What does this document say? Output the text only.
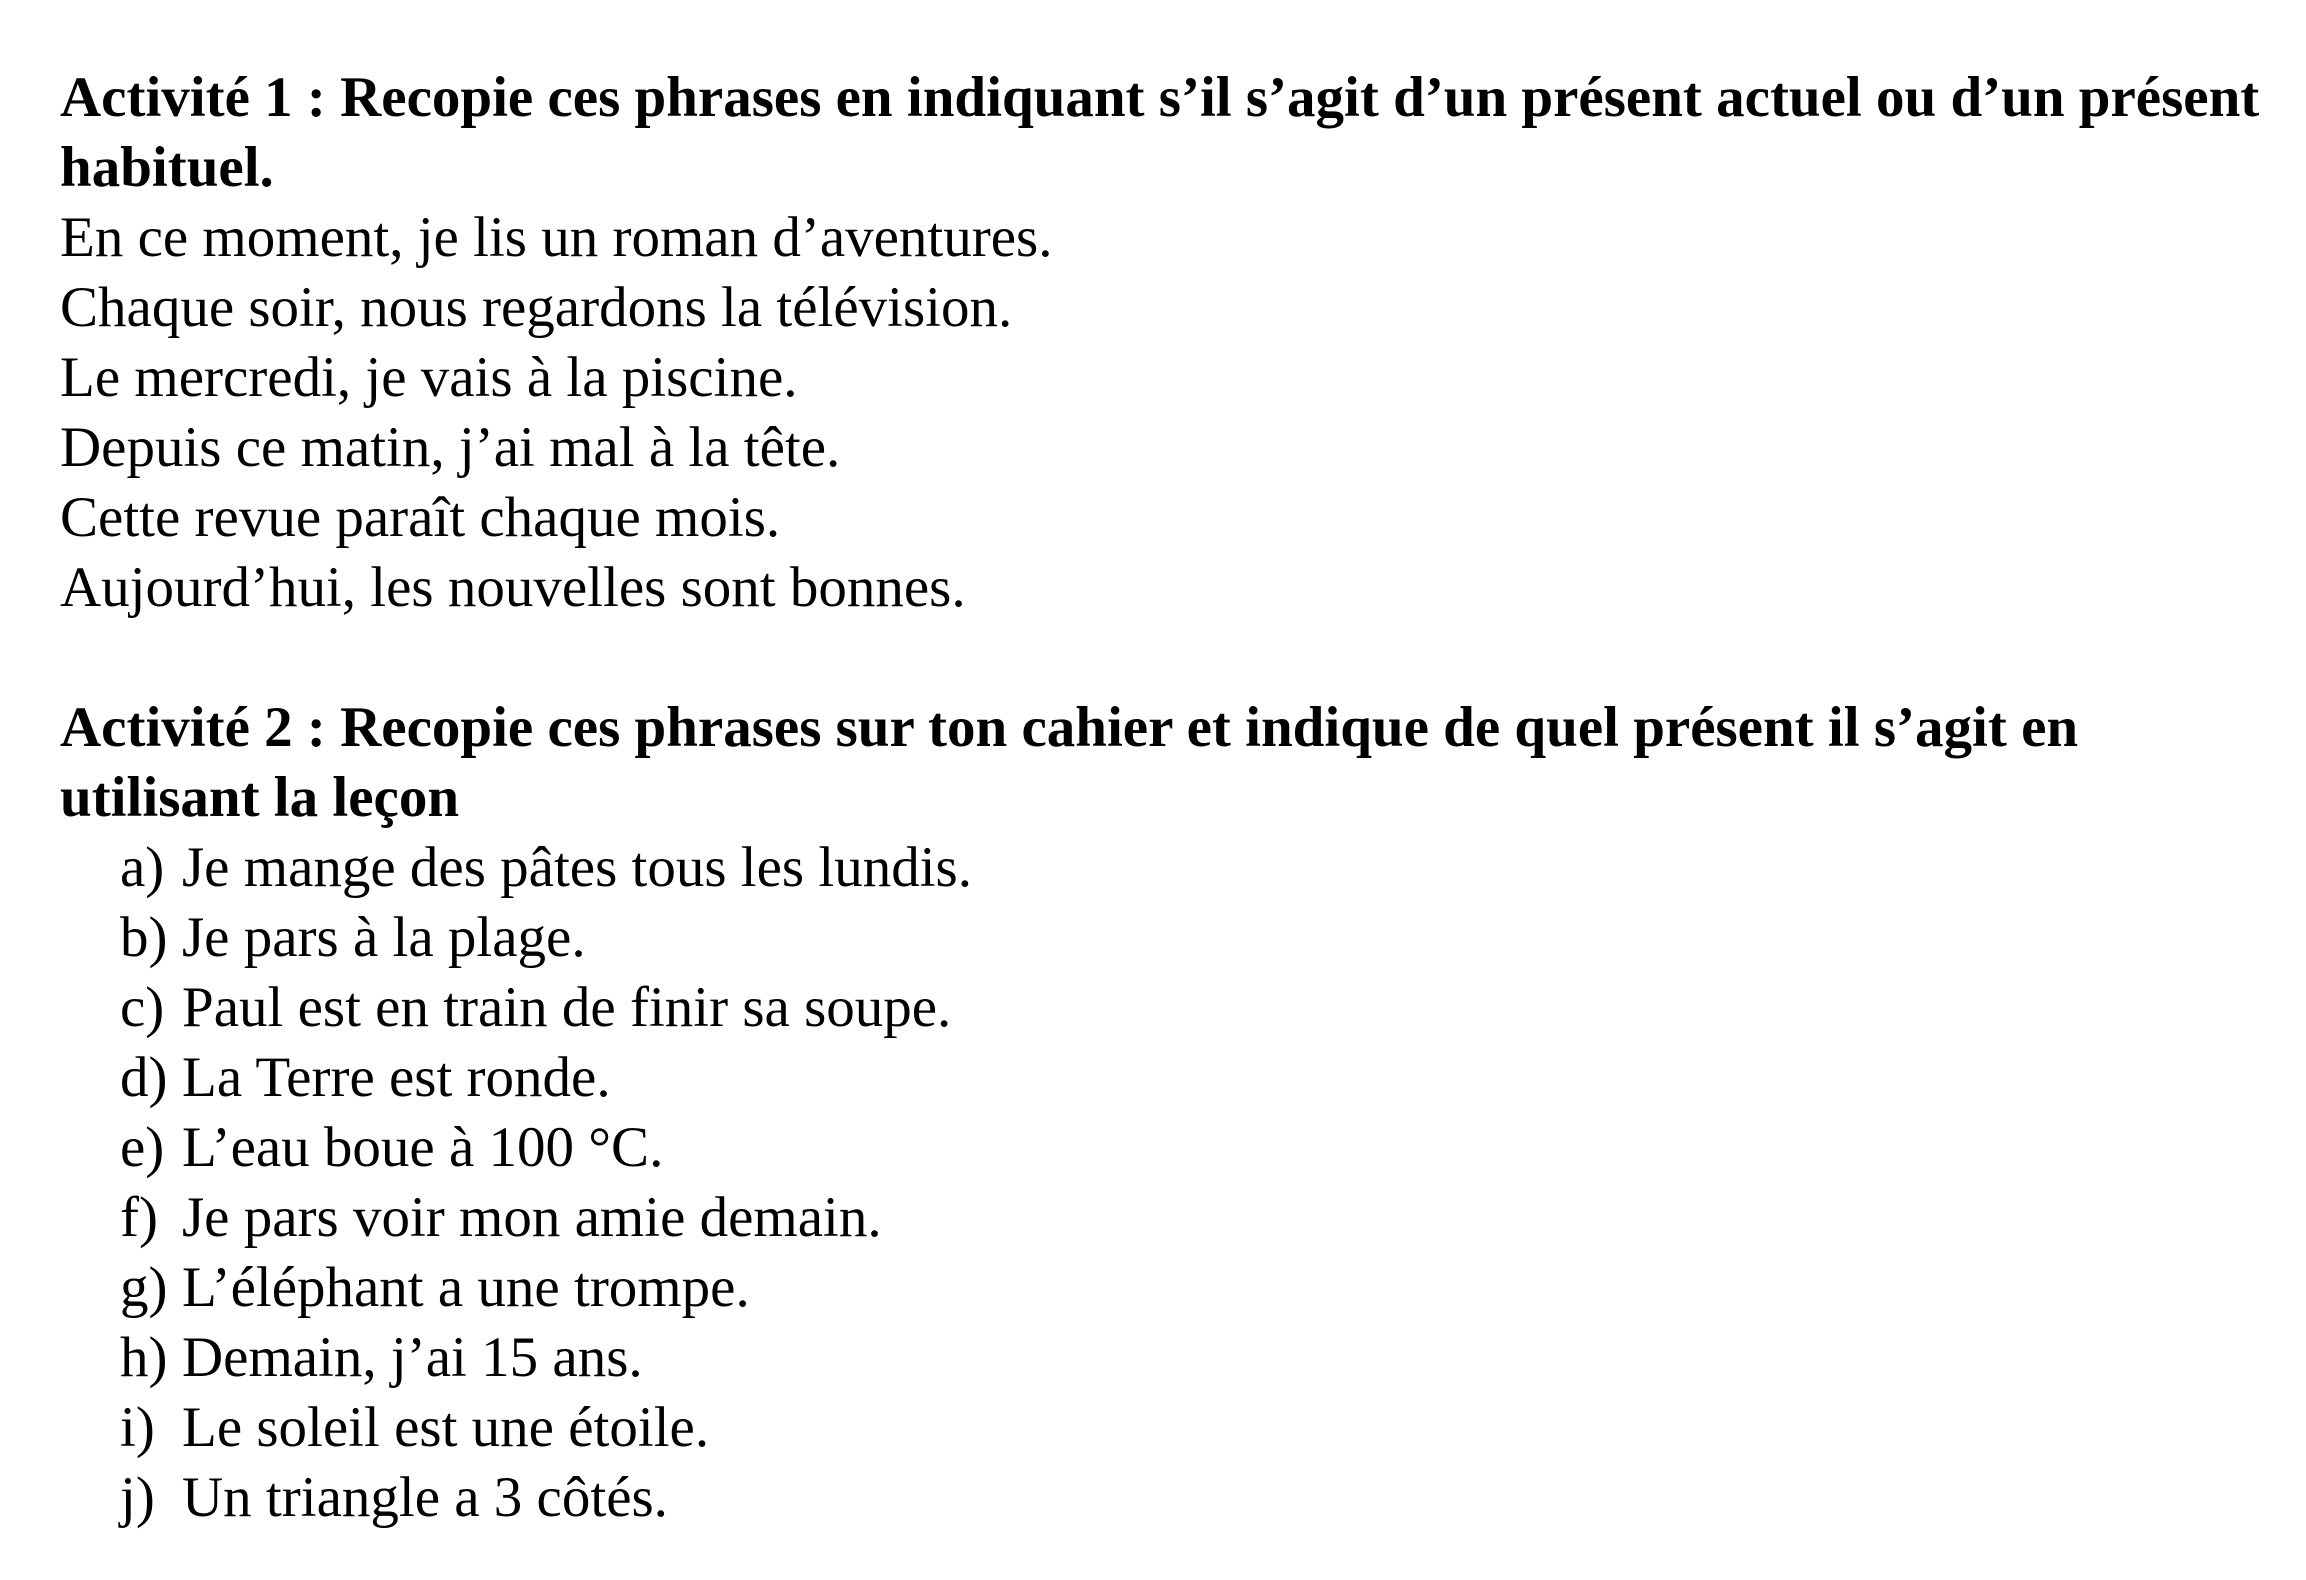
Activité 1 : Recopie ces phrases en indiquant s’il s’agit d’un présent actuel ou d’un présent habituel.

En ce moment, je lis un roman d’aventures.

Chaque soir, nous regardons la télévision.

Le mercredi, je vais à la piscine.

Depuis ce matin, j’ai mal à la tête.

Cette revue paraît chaque mois.

Aujourd’hui, les nouvelles sont bonnes.

Activité 2 : Recopie ces phrases sur ton cahier et indique de quel présent il s’agit en utilisant la leçon

a) Je mange des pâtes tous les lundis.
b) Je pars à la plage.
c) Paul est en train de finir sa soupe.
d) La Terre est ronde.
e) L’eau boue à 100 °C.
f) Je pars voir mon amie demain.
g) L’éléphant a une trompe.
h) Demain, j’ai 15 ans.
i) Le soleil est une étoile.
j) Un triangle a 3 côtés.
